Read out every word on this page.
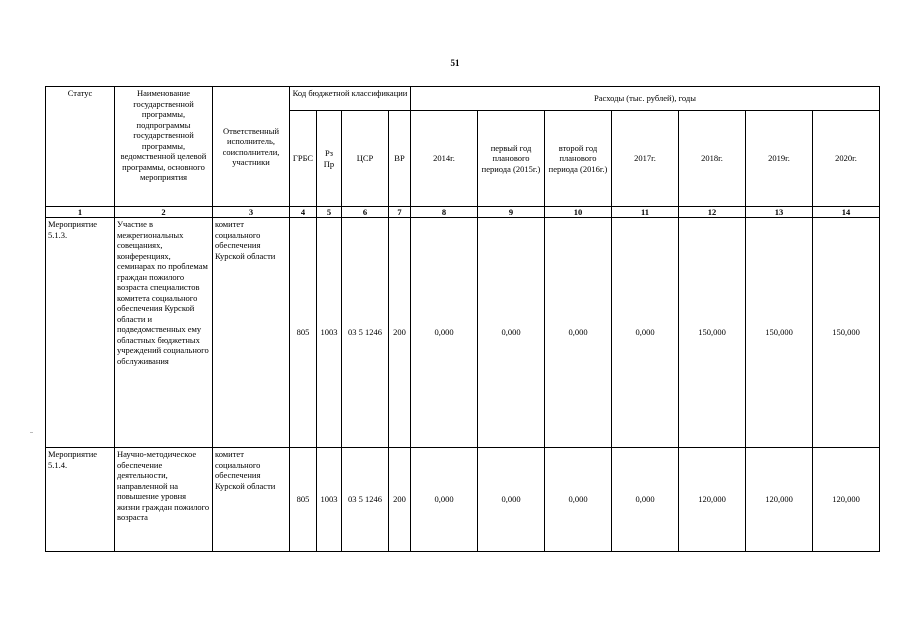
51
Статус	Наименование государственной программы, подпрограммы государственной программы, ведомственной целевой программы, основного мероприятия	Ответственный исполнитель, соисполнители, участники	Код бюджетной классификации				Расходы (тыс. рублей), годы						
			ГРБС	Рз Пр	ЦСР	ВР	2014г.	первый год планового периода (2015г.)	второй год планового периода (2016г.)	2017г.	2018г.	2019г.	2020г.
1	2	3	4	5	6	7	8	9	10	11	12	13	14
Мероприятие 5.1.3.	Участие в межрегиональных совещаниях, конференциях, семинарах по проблемам граждан пожилого возраста специалистов комитета социального обеспечения Курской области и подведомственных ему областных бюджетных учреждений социального обслуживания	комитет социального обеспечения Курской области	805	1003	03 5 1246	200	0,000	0,000	0,000	0,000	150,000	150,000	150,000
Мероприятие 5.1.4.	Научно-методическое обеспечение деятельности, направленной на повышение уровня жизни граждан пожилого возраста	комитет социального обеспечения Курской области	805	1003	03 5 1246	200	0,000	0,000	0,000	0,000	120,000	120,000	120,000
